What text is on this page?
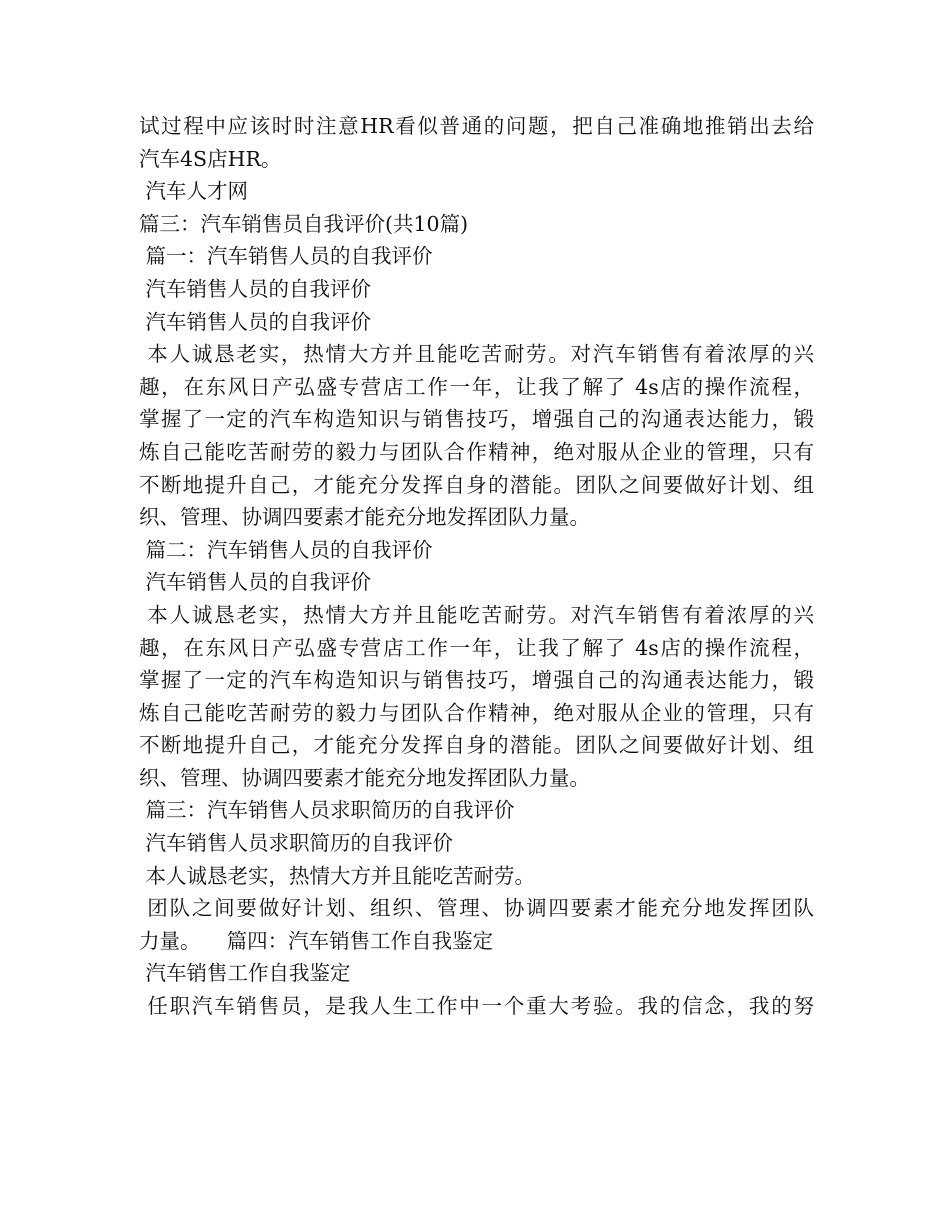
试过程中应该时时注意HR看似普通的问题，把自己准确地推销出去给
汽车4S店HR。
汽车人才网
篇三：汽车销售员自我评价(共10篇)
篇一：汽车销售人员的自我评价
汽车销售人员的自我评价
汽车销售人员的自我评价
本人诚恳老实，热情大方并且能吃苦耐劳。对汽车销售有着浓厚的兴
趣，在东风日产弘盛专营店工作一年，让我了解了 4s店的操作流程，
掌握了一定的汽车构造知识与销售技巧，增强自己的沟通表达能力，锻
炼自己能吃苦耐劳的毅力与团队合作精神，绝对服从企业的管理，只有
不断地提升自己，才能充分发挥自身的潜能。团队之间要做好计划、组
织、管理、协调四要素才能充分地发挥团队力量。
篇二：汽车销售人员的自我评价
汽车销售人员的自我评价
本人诚恳老实，热情大方并且能吃苦耐劳。对汽车销售有着浓厚的兴
趣，在东风日产弘盛专营店工作一年，让我了解了 4s店的操作流程，
掌握了一定的汽车构造知识与销售技巧，增强自己的沟通表达能力，锻
炼自己能吃苦耐劳的毅力与团队合作精神，绝对服从企业的管理，只有
不断地提升自己，才能充分发挥自身的潜能。团队之间要做好计划、组
织、管理、协调四要素才能充分地发挥团队力量。
篇三：汽车销售人员求职简历的自我评价
汽车销售人员求职简历的自我评价
本人诚恳老实，热情大方并且能吃苦耐劳。
团队之间要做好计划、组织、管理、协调四要素才能充分地发挥团队
力量。    篇四：汽车销售工作自我鉴定
汽车销售工作自我鉴定
任职汽车销售员，是我人生工作中一个重大考验。我的信念，我的努
